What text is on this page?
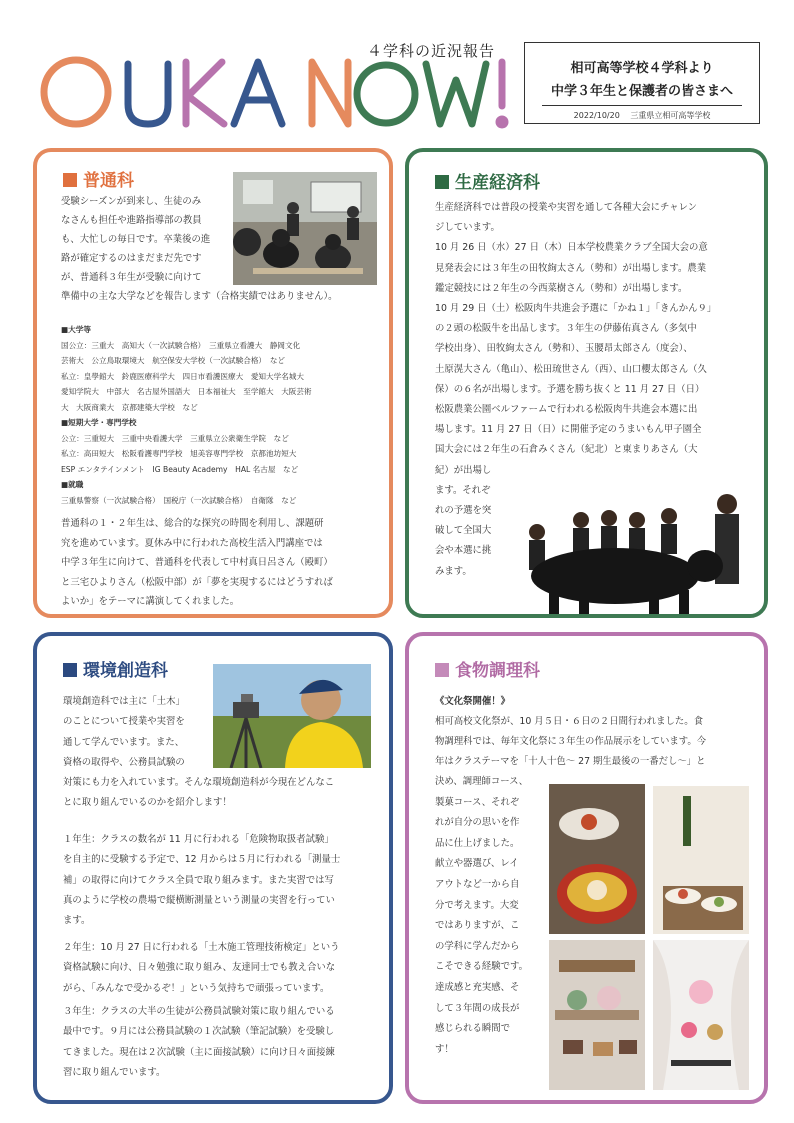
４学科の近況報告
相可高等学校４学科より
中学３年生と保護者の皆さまへ
2022/10/20 三重県立相可高等学校
普通科
受験シーズンが到来し、生徒のみ
なさんも担任や進路指導部の教員
も、大忙しの毎日です。卒業後の進
路が確定するのはまだまだ先です
が、普通科３年生が受験に向けて
準備中の主な大学などを報告します（合格実績ではありません）。
■大学等
国公立：三重大　高知大（一次試験合格）　三重県立看護大　静岡文化
芸術大　公立鳥取環境大　航空保安大学校（一次試験合格）　など
私立：皇學館大　鈴鹿医療科学大　四日市看護医療大　愛知大学名城大
愛知学院大　中部大　名古屋外国語大　日本福祉大　至学館大　大阪芸術
大　大阪商業大　京都建築大学校　など
■短期大学・専門学校
公立：三重短大　三重中央看護大学　三重県立公衆衛生学院　など
私立：高田短大　松阪看護専門学校　旭美容専門学校　京都池坊短大
ESP エンタテインメント　IG Beauty Academy　HAL 名古屋　など
■就職
三重県警察（一次試験合格）　国税庁（一次試験合格）　自衛隊　など
普通科の１・２年生は、総合的な探究の時間を利用し、課題研
究を進めています。夏休み中に行われた高校生活入門講座では
中学３年生に向けて、普通科を代表して中村真日呂さん（殿町）
と三宅ひよりさん（松阪中部）が「夢を実現するにはどうすれば
よいか」をテーマに講演してくれました。
生産経済科
生産経済科では普段の授業や実習を通して各種大会にチャレン
ジしています。
10 月 26 日（水）27 日（木）日本学校農業クラブ全国大会の意
見発表会には３年生の田牧絢太さん（勢和）が出場します。農業
鑑定競技には２年生の今西菜樹さん（勢和）が出場します。
10 月 29 日（土）松阪肉牛共進会予選に「かね１」「きんかん９」
の２頭の松阪牛を出品します。３年生の伊藤佑真さん（多気中
学校出身）、田牧絢太さん（勢和）、玉腰昂太郎さん（度会）、
土原滉大さん（亀山）、松田琉世さん（西）、山口櫻太郎さん（久
保）の６名が出場します。予選を勝ち抜くと 11 月 27 日（日）
松阪農業公園ベルファームで行われる松阪肉牛共進会本選に出
場します。11 月 27 日（日）に開催予定のうまいもん甲子園全
国大会には２年生の石倉みくさん（紀北）と東まりあさん（大
紀）が出場し
ます。それぞ
れの予選を突
破して全国大
会や本選に挑
みます。
環境創造科
環境創造科では主に「土木」
のことについて授業や実習を
通して学んでいます。また、
資格の取得や、公務員試験の
対策にも力を入れています。そんな環境創造科が今現在どんなこ
とに取り組んでいるのかを紹介します！
１年生：クラスの数名が 11 月に行われる「危険物取扱者試験」
を自主的に受験する予定で、12 月からは５月に行われる「測量士
補」の取得に向けてクラス全員で取り組みます。また実習では写
真のように学校の農場で縦横断測量という測量の実習を行ってい
ます。
２年生：10 月 27 日に行われる「土木施工管理技術検定」という
資格試験に向け、日々勉強に取り組み、友達同士でも教え合いな
がら、「みんなで受かるぞ！」という気持ちで頑張っています。
３年生：クラスの大半の生徒が公務員試験対策に取り組んでいる
最中です。９月には公務員試験の１次試験（筆記試験）を受験し
てきました。現在は２次試験（主に面接試験）に向け日々面接練
習に取り組んでいます。
食物調理科
《文化祭開催！》
相可高校文化祭が、10 月５日・６日の２日間行われました。食
物調理科では、毎年文化祭に３年生の作品展示をしています。今
年はクラステーマを「十人十色〜 27 期生最後の一番だし〜」と
決め、調理師コース、
製菓コース、それぞ
れが自分の思いを作
品に仕上げました。
献立や器選び、レイ
アウトなど一から自
分で考えます。大変
ではありますが、こ
の学科に学んだから
こそできる経験です。
達成感と充実感、そ
して３年間の成長が
感じられる瞬間で
す！
